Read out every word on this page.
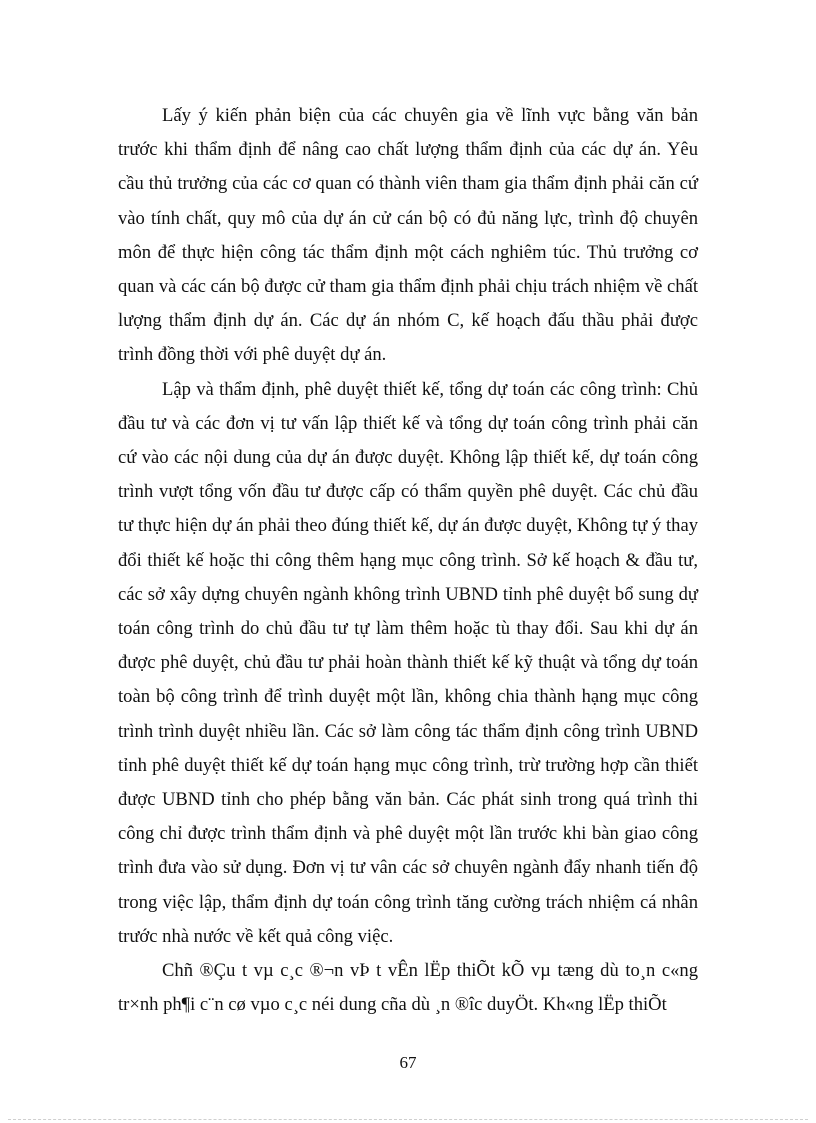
Lấy ý kiến phản biện của các chuyên gia về lĩnh vực bằng văn bản trước khi thẩm định để nâng cao chất lượng thẩm định của các dự án. Yêu cầu thủ trưởng của các cơ quan có thành viên tham gia thẩm định phải căn cứ vào tính chất, quy mô của dự án cử cán bộ có đủ năng lực, trình độ chuyên môn để thực hiện công tác thẩm định một cách nghiêm túc. Thủ trưởng cơ quan và các cán bộ được cử tham gia thẩm định phải chịu trách nhiệm về chất lượng thẩm định dự án. Các dự án nhóm C, kế hoạch đấu thầu phải được trình đồng thời với phê duyệt dự án.

Lập và thẩm định, phê duyệt thiết kế, tổng dự toán các công trình: Chủ đầu tư và các đơn vị tư vấn lập thiết kế và tổng dự toán công trình phải căn cứ vào các nội dung của dự án được duyệt. Không lập thiết kế, dự toán công trình vượt tổng vốn đầu tư được cấp có thẩm quyền phê duyệt. Các chủ đầu tư thực hiện dự án phải theo đúng thiết kế, dự án được duyệt, Không tự ý thay đổi thiết kế hoặc thi công thêm hạng mục công trình. Sở kế hoạch & đầu tư, các sở xây dựng chuyên ngành không trình UBND tỉnh phê duyệt bổ sung dự toán công trình do chủ đầu tư tự làm thêm hoặc tù thay đổi. Sau khi dự án được phê duyệt, chủ đầu tư phải hoàn thành thiết kế kỹ thuật và tổng dự toán toàn bộ công trình để trình duyệt một lần, không chia thành hạng mục công trình trình duyệt nhiều lần. Các sở làm công tác thẩm định công trình UBND tỉnh phê duyệt thiết kế dự toán hạng mục công trình, trừ trường hợp cần thiết được UBND tỉnh cho phép bằng văn bản. Các phát sinh trong quá trình thi công chỉ được trình thẩm định và phê duyệt một lần trước khi bàn giao công trình đưa vào sử dụng. Đơn vị tư vân các sở chuyên ngành đẩy nhanh tiến độ trong việc lập, thẩm định dự toán công trình tăng cường trách nhiệm cá nhân trước nhà nước về kết quả công việc.

Chñ ®Çu t vµ c¸c ®¬n vÞ t vÊn lËp thiÕt kÕ vµ tæng dù to¸n c«ng tr×nh ph¶i c¨n cø vµo c¸c néi dung cña dù ¸n ®îc duyÖt. Kh«ng lËp thiÕt

67
